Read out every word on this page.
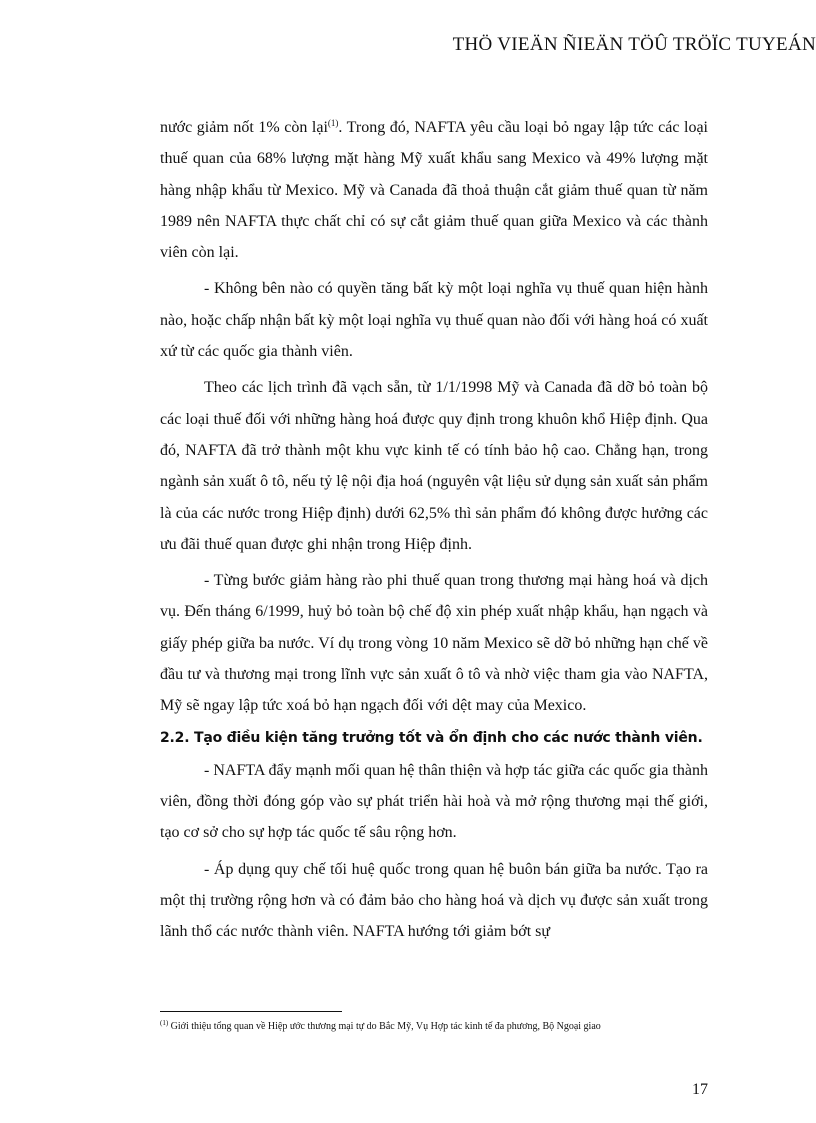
THÖ VIEÄN ÑIEÄN TÖÛ TRÖÏC TUYEÁN

nước giảm nốt 1% còn lại$^{(1)}$. Trong đó, NAFTA yêu cầu loại bỏ ngay lập tức các loại thuế quan của 68% lượng mặt hàng Mỹ xuất khẩu sang Mexico và 49% lượng mặt hàng nhập khẩu từ Mexico. Mỹ và Canada đã thoả thuận cắt giảm thuế quan từ năm 1989 nên NAFTA thực chất chỉ có sự cắt giảm thuế quan giữa Mexico và các thành viên còn lại.

- Không bên nào có quyền tăng bất kỳ một loại nghĩa vụ thuế quan hiện hành nào, hoặc chấp nhận bất kỳ một loại nghĩa vụ thuế quan nào đối với hàng hoá có xuất xứ từ các quốc gia thành viên.

Theo các lịch trình đã vạch sẵn, từ 1/1/1998 Mỹ và Canada đã dỡ bỏ toàn bộ các loại thuế đối với những hàng hoá được quy định trong khuôn khổ Hiệp định. Qua đó, NAFTA đã trở thành một khu vực kinh tế có tính bảo hộ cao. Chẳng hạn, trong ngành sản xuất ô tô, nếu tỷ lệ nội địa hoá (nguyên vật liệu sử dụng sản xuất sản phẩm là của các nước trong Hiệp định) dưới 62,5% thì sản phẩm đó không được hưởng các ưu đãi thuế quan được ghi nhận trong Hiệp định.

- Từng bước giảm hàng rào phi thuế quan trong thương mại hàng hoá và dịch vụ. Đến tháng 6/1999, huỷ bỏ toàn bộ chế độ xin phép xuất nhập khẩu, hạn ngạch và giấy phép giữa ba nước. Ví dụ trong vòng 10 năm Mexico sẽ dỡ bỏ những hạn chế về đầu tư và thương mại trong lĩnh vực sản xuất ô tô và nhờ việc tham gia vào NAFTA, Mỹ sẽ ngay lập tức xoá bỏ hạn ngạch đối với dệt may của Mexico.

2.2. Tạo điều kiện tăng trưởng tốt và ổn định cho các nước thành viên.

- NAFTA đẩy mạnh mối quan hệ thân thiện và hợp tác giữa các quốc gia thành viên, đồng thời đóng góp vào sự phát triển hài hoà và mở rộng thương mại thế giới, tạo cơ sở cho sự hợp tác quốc tế sâu rộng hơn.

- Áp dụng quy chế tối huệ quốc trong quan hệ buôn bán giữa ba nước. Tạo ra một thị trường rộng hơn và có đảm bảo cho hàng hoá và dịch vụ được sản xuất trong lãnh thổ các nước thành viên. NAFTA hướng tới giảm bớt sự

$^{(1)}$ Giới thiệu tổng quan về Hiệp ước thương mại tự do Bắc Mỹ, Vụ Hợp tác kinh tế đa phương, Bộ Ngoại giao
17
